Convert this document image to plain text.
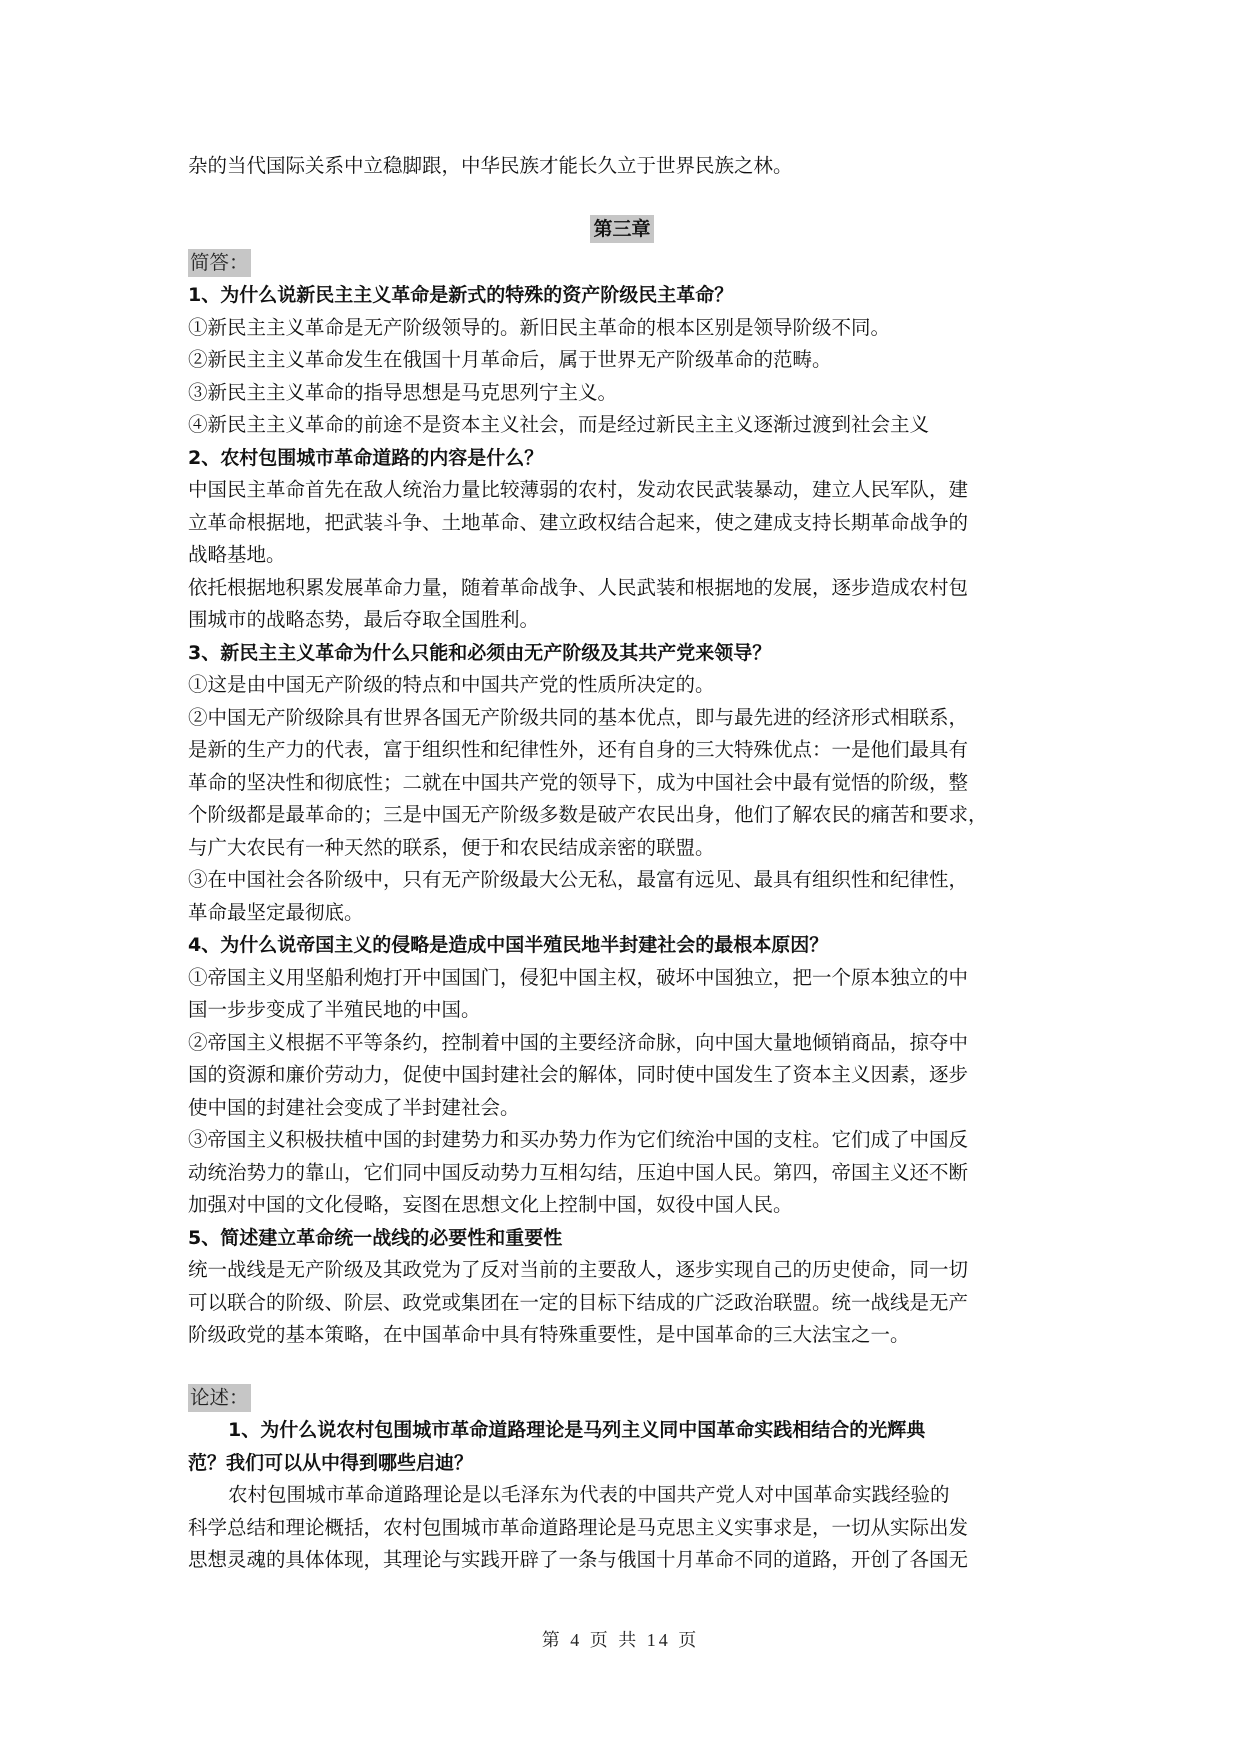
杂的当代国际关系中立稳脚跟，中华民族才能长久立于世界民族之林。
第三章
简答：
1、为什么说新民主主义革命是新式的特殊的资产阶级民主革命？
①新民主主义革命是无产阶级领导的。新旧民主革命的根本区别是领导阶级不同。
②新民主主义革命发生在俄国十月革命后，属于世界无产阶级革命的范畴。
③新民主主义革命的指导思想是马克思列宁主义。
④新民主主义革命的前途不是资本主义社会，而是经过新民主主义逐渐过渡到社会主义
2、农村包围城市革命道路的内容是什么？
中国民主革命首先在敌人统治力量比较薄弱的农村，发动农民武装暴动，建立人民军队，建
立革命根据地，把武装斗争、土地革命、建立政权结合起来，使之建成支持长期革命战争的
战略基地。
依托根据地积累发展革命力量，随着革命战争、人民武装和根据地的发展，逐步造成农村包
围城市的战略态势，最后夺取全国胜利。
3、新民主主义革命为什么只能和必须由无产阶级及其共产党来领导？
①这是由中国无产阶级的特点和中国共产党的性质所决定的。
②中国无产阶级除具有世界各国无产阶级共同的基本优点，即与最先进的经济形式相联系，
是新的生产力的代表，富于组织性和纪律性外，还有自身的三大特殊优点：一是他们最具有
革命的坚决性和彻底性；二就在中国共产党的领导下，成为中国社会中最有觉悟的阶级，整
个阶级都是最革命的；三是中国无产阶级多数是破产农民出身，他们了解农民的痛苦和要求，
与广大农民有一种天然的联系，便于和农民结成亲密的联盟。
③在中国社会各阶级中，只有无产阶级最大公无私，最富有远见、最具有组织性和纪律性，
革命最坚定最彻底。
4、为什么说帝国主义的侵略是造成中国半殖民地半封建社会的最根本原因？
①帝国主义用坚船利炮打开中国国门，侵犯中国主权，破坏中国独立，把一个原本独立的中
国一步步变成了半殖民地的中国。
②帝国主义根据不平等条约，控制着中国的主要经济命脉，向中国大量地倾销商品，掠夺中
国的资源和廉价劳动力，促使中国封建社会的解体，同时使中国发生了资本主义因素，逐步
使中国的封建社会变成了半封建社会。
③帝国主义积极扶植中国的封建势力和买办势力作为它们统治中国的支柱。它们成了中国反
动统治势力的靠山，它们同中国反动势力互相勾结，压迫中国人民。第四，帝国主义还不断
加强对中国的文化侵略，妄图在思想文化上控制中国，奴役中国人民。
5、简述建立革命统一战线的必要性和重要性
统一战线是无产阶级及其政党为了反对当前的主要敌人，逐步实现自己的历史使命，同一切
可以联合的阶级、阶层、政党或集团在一定的目标下结成的广泛政治联盟。统一战线是无产
阶级政党的基本策略，在中国革命中具有特殊重要性，是中国革命的三大法宝之一。
论述：
1、为什么说农村包围城市革命道路理论是马列主义同中国革命实践相结合的光辉典
范？我们可以从中得到哪些启迪？
农村包围城市革命道路理论是以毛泽东为代表的中国共产党人对中国革命实践经验的
科学总结和理论概括，农村包围城市革命道路理论是马克思主义实事求是，一切从实际出发
思想灵魂的具体体现，其理论与实践开辟了一条与俄国十月革命不同的道路，开创了各国无
第 4 页 共 14 页
